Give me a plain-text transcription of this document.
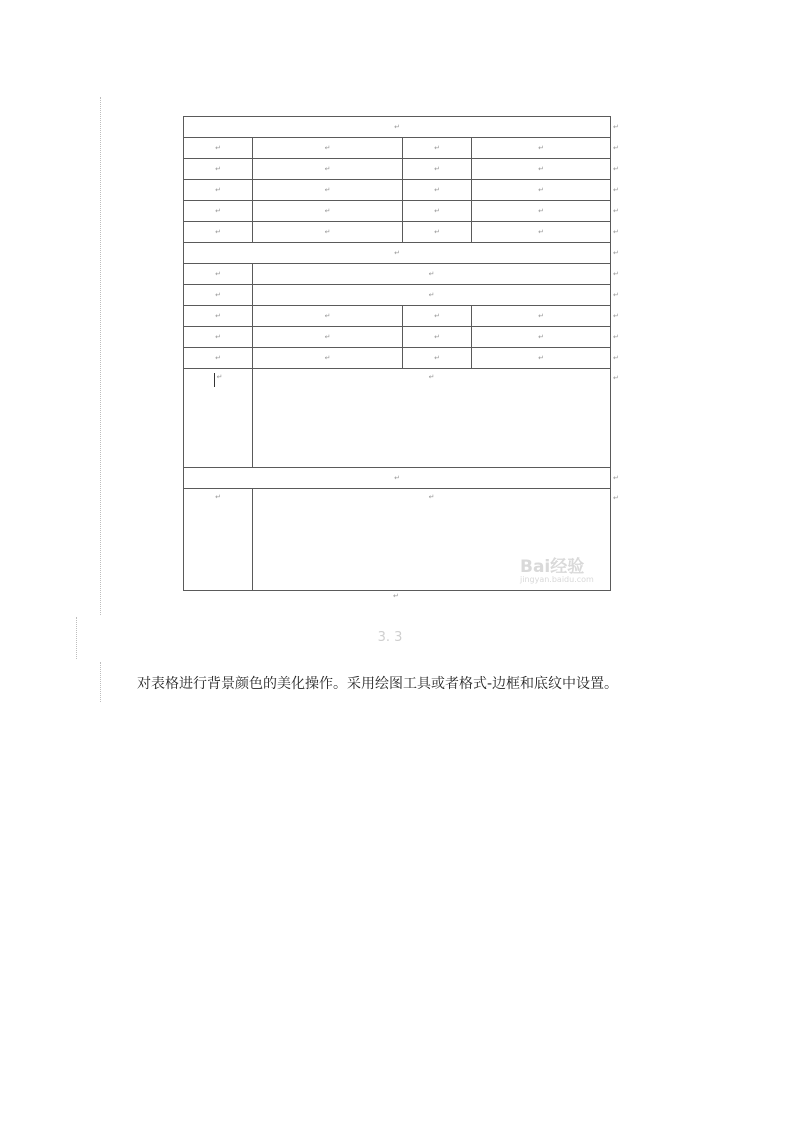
↵			
↵	↵	↵	↵
↵	↵	↵	↵
↵	↵	↵	↵
↵	↵	↵	↵
↵	↵	↵	↵
↵			
↵	↵		
↵	↵		
↵	↵	↵	↵
↵	↵	↵	↵
↵	↵	↵	↵
↵	↵		
↵			
↵	↵		
↵
↵
↵
↵
↵
↵
↵
↵
↵
↵
↵
↵
↵
↵
↵
↵
Bai经验
jingyan.baidu.com
3. 3
对表格进行背景颜色的美化操作。采用绘图工具或者格式-边框和底纹中设置。
